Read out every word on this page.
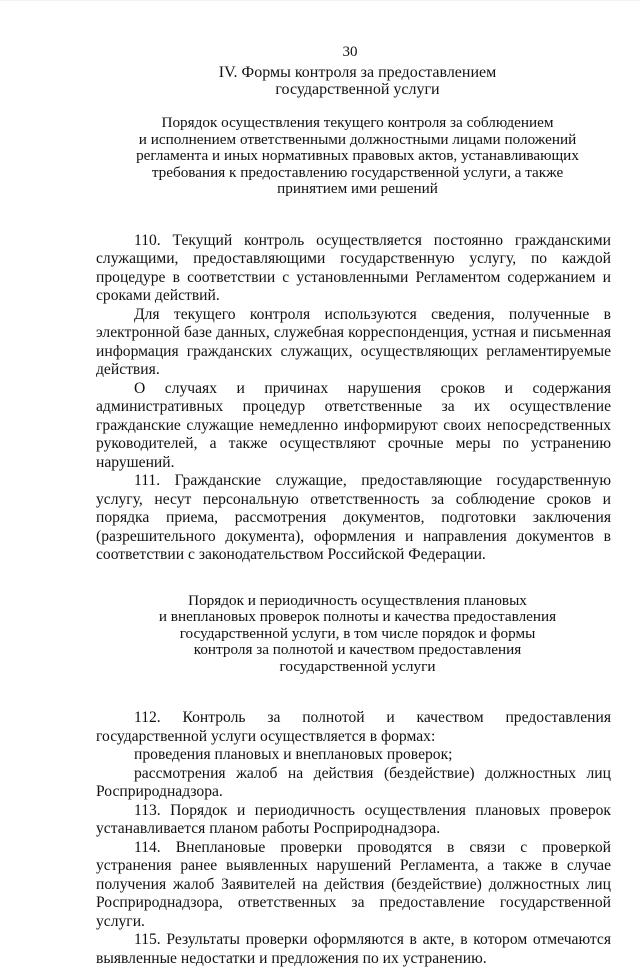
30
IV. Формы контроля за предоставлением
государственной услуги
Порядок осуществления текущего контроля за соблюдением
и исполнением ответственными должностными лицами положений
регламента и иных нормативных правовых актов, устанавливающих
требования к предоставлению государственной услуги, а также
принятием ими решений

110. Текущий контроль осуществляется постоянно гражданскими служащими, предоставляющими государственную услугу, по каждой процедуре в соответствии с установленными Регламентом содержанием и сроками действий.

Для текущего контроля используются сведения, полученные в электронной базе данных, служебная корреспонденция, устная и письменная информация гражданских служащих, осуществляющих регламентируемые действия.

О случаях и причинах нарушения сроков и содержания административных процедур ответственные за их осуществление гражданские служащие немедленно информируют своих непосредственных руководителей, а также осуществляют срочные меры по устранению нарушений.

111. Гражданские служащие, предоставляющие государственную услугу, несут персональную ответственность за соблюдение сроков и порядка приема, рассмотрения документов, подготовки заключения (разрешительного документа), оформления и направления документов в соответствии с законодательством Российской Федерации.

Порядок и периодичность осуществления плановых
и внеплановых проверок полноты и качества предоставления
государственной услуги, в том числе порядок и формы
контроля за полнотой и качеством предоставления
государственной услуги

112. Контроль за полнотой и качеством предоставления государственной услуги осуществляется в формах:

проведения плановых и внеплановых проверок;

рассмотрения жалоб на действия (бездействие) должностных лиц Росприроднадзора.

113. Порядок и периодичность осуществления плановых проверок устанавливается планом работы Росприроднадзора.

114. Внеплановые проверки проводятся в связи с проверкой устранения ранее выявленных нарушений Регламента, а также в случае получения жалоб Заявителей на действия (бездействие) должностных лиц Росприроднадзора, ответственных за предоставление государственной услуги.

115. Результаты проверки оформляются в акте, в котором отмечаются выявленные недостатки и предложения по их устранению.
